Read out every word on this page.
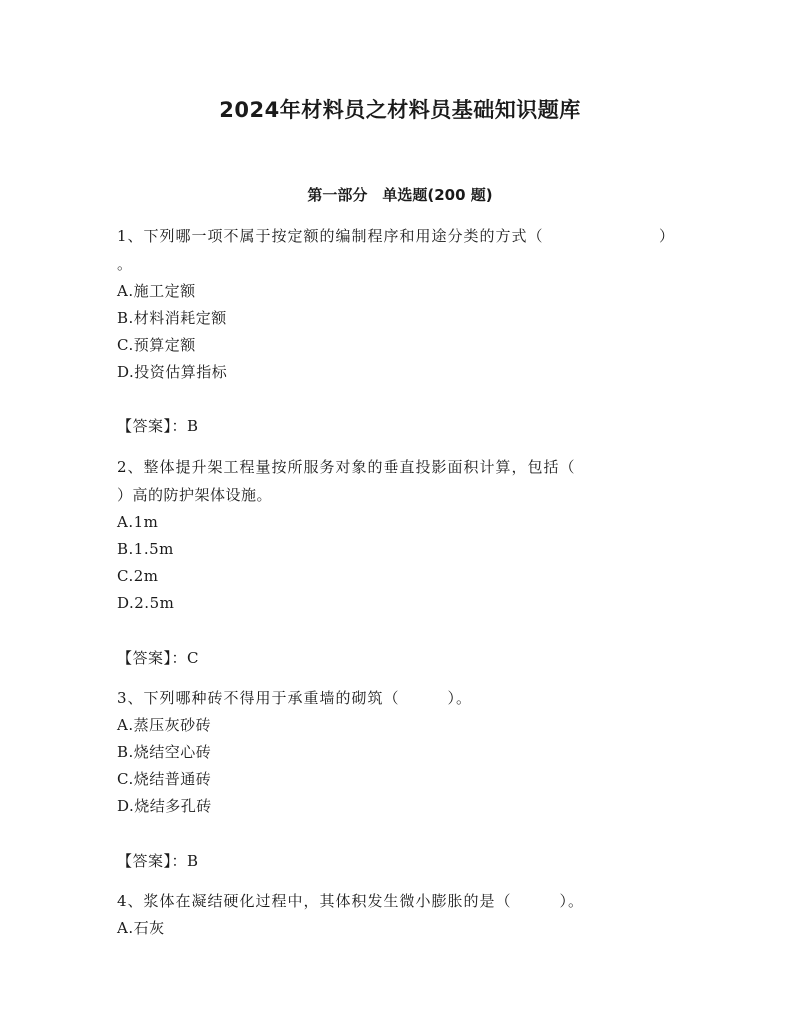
2024年材料员之材料员基础知识题库
第一部分　单选题(200 题)
1、下列哪一项不属于按定额的编制程序和用途分类的方式（	）
。
A.施工定额
B.材料消耗定额
C.预算定额
D.投资估算指标
【答案】：B
2、整体提升架工程量按所服务对象的垂直投影面积计算，包括（
）高的防护架体设施。
A.1m
B.1.5m
C.2m
D.2.5m
【答案】：C
3、下列哪种砖不得用于承重墙的砌筑（　　　）。
A.蒸压灰砂砖
B.烧结空心砖
C.烧结普通砖
D.烧结多孔砖
【答案】：B
4、浆体在凝结硬化过程中，其体积发生微小膨胀的是（　　　）。
A.石灰
